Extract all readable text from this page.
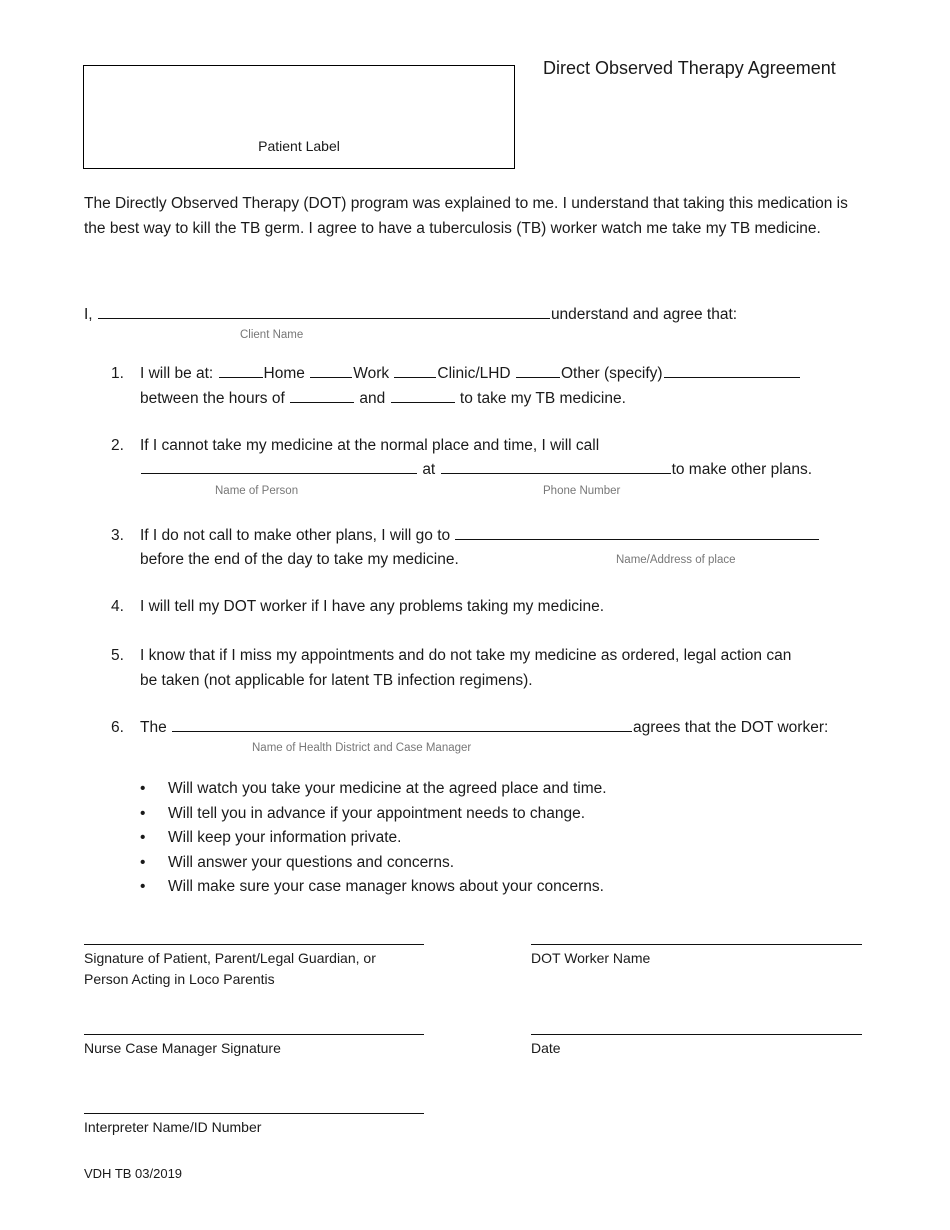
Direct Observed Therapy Agreement
Patient Label
The Directly Observed Therapy (DOT) program was explained to me. I understand that taking this medication is the best way to kill the TB germ. I agree to have a tuberculosis (TB) worker watch me take my TB medicine.
I,	understand and agree that:
Client Name
1. I will be at:	Home	Work	Clinic/LHD	Other (specify)
between the hours of	and	to take my TB medicine.
2. If I cannot take my medicine at the normal place and time, I will call
at	to make other plans.
Name of Person	Phone Number
3. If I do not call to make other plans, I will go to
before the end of the day to take my medicine.	Name/Address of place
4. I will tell my DOT worker if I have any problems taking my medicine.
5. I know that if I miss my appointments and do not take my medicine as ordered, legal action can
be taken (not applicable for latent TB infection regimens).
6. The	agrees that the DOT worker:
Name of Health District and Case Manager
• Will watch you take your medicine at the agreed place and time.
• Will tell you in advance if your appointment needs to change.
• Will keep your information private.
• Will answer your questions and concerns.
• Will make sure your case manager knows about your concerns.
Signature of Patient, Parent/Legal Guardian, or
Person Acting in Loco Parentis
DOT Worker Name
Nurse Case Manager Signature	Date
Interpreter Name/ID Number
VDH TB 03/2019
